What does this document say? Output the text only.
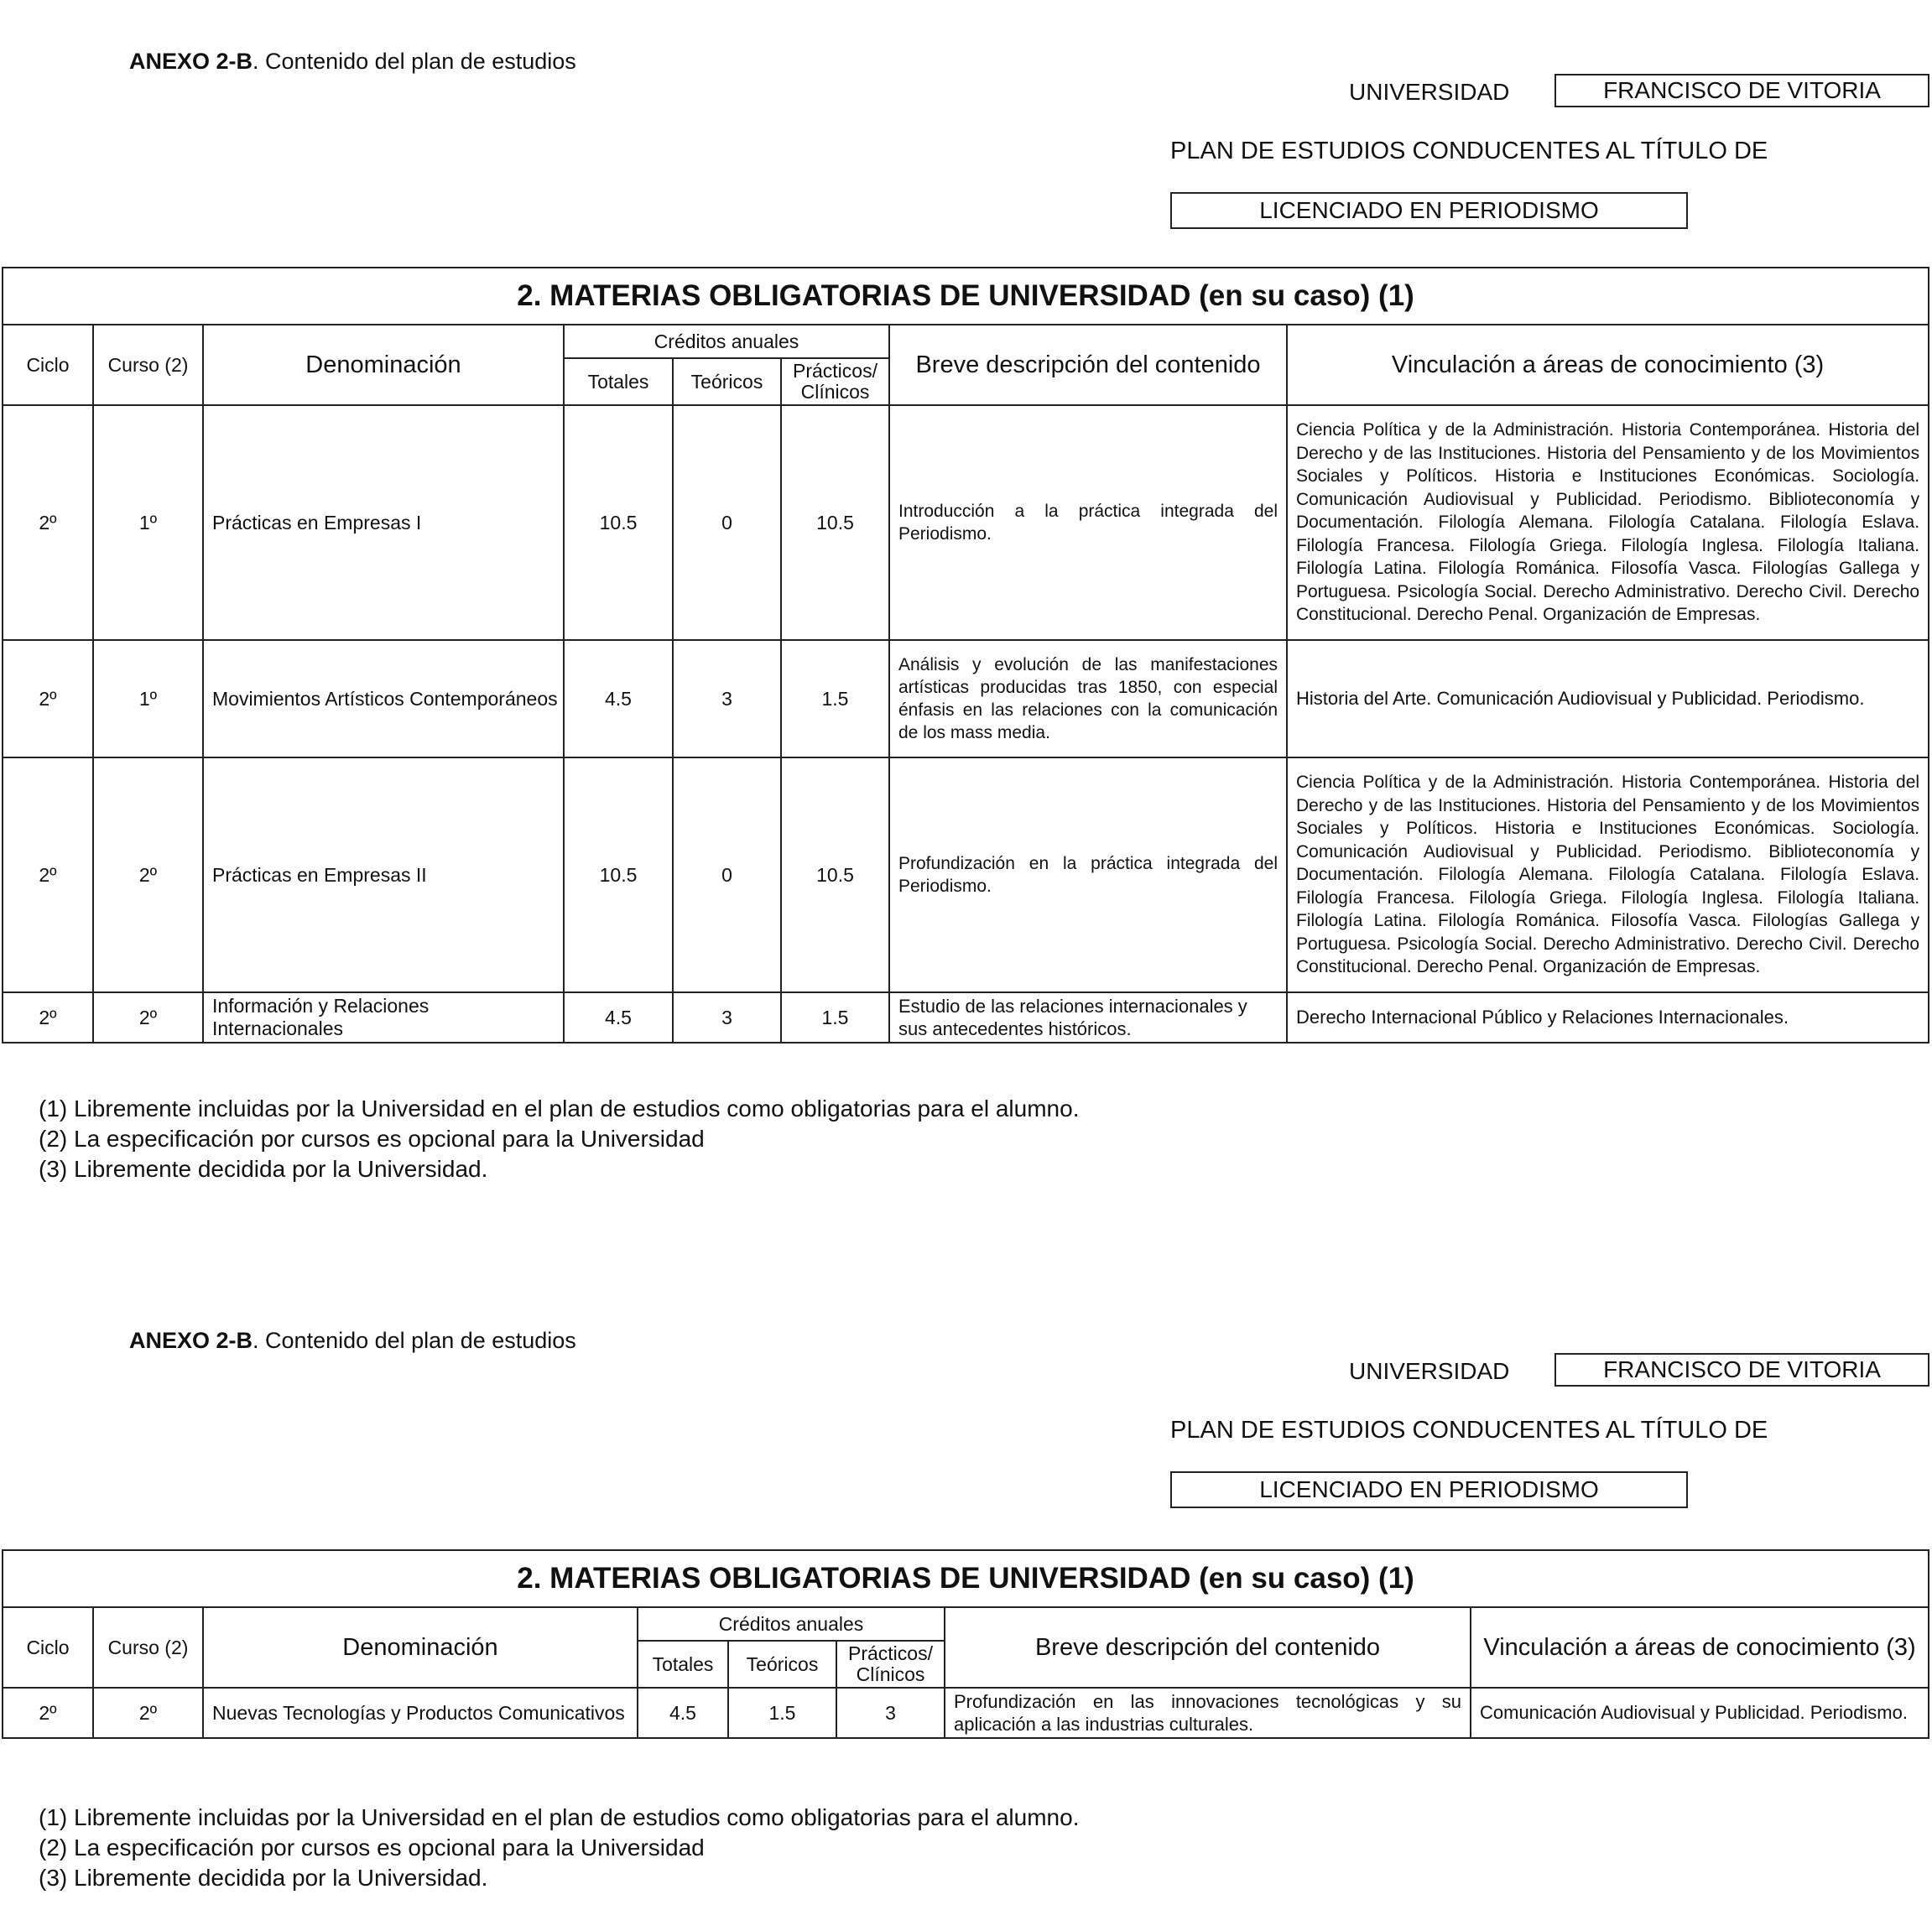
ANEXO 2-B. Contenido del plan de estudios
UNIVERSIDAD	FRANCISCO DE VITORIA
PLAN DE ESTUDIOS CONDUCENTES AL TÍTULO DE
LICENCIADO EN PERIODISMO
2. MATERIAS OBLIGATORIAS DE UNIVERSIDAD (en su caso) (1)							
Ciclo	Curso (2)	Denominación	Créditos anuales			Breve descripción del contenido	Vinculación a áreas de conocimiento (3)
			Totales	Teóricos	Prácticos/ Clínicos		
2º	1º	Prácticas en Empresas I	10.5	0	10.5	Introducción a la práctica integrada del Periodismo.	Ciencia Política y de la Administración. Historia Contemporánea. Historia del Derecho y de las Instituciones. Historia del Pensamiento y de los Movimientos Sociales y Políticos. Historia e Instituciones Económicas. Sociología. Comunicación Audiovisual y Publicidad. Periodismo. Biblioteconomía y Documentación. Filología Alemana. Filología Catalana. Filología Eslava. Filología Francesa. Filología Griega. Filología Inglesa. Filología Italiana. Filología Latina. Filología Románica. Filosofía Vasca. Filologías Gallega y Portuguesa. Psicología Social. Derecho Administrativo. Derecho Civil. Derecho Constitucional. Derecho Penal. Organización de Empresas.
2º	1º	Movimientos Artísticos Contemporáneos	4.5	3	1.5	Análisis y evolución de las manifestaciones artísticas producidas tras 1850, con especial énfasis en las relaciones con la comunicación de los mass media.	Historia del Arte. Comunicación Audiovisual y Publicidad. Periodismo.
2º	2º	Prácticas en Empresas II	10.5	0	10.5	Profundización en la práctica integrada del Periodismo.	Ciencia Política y de la Administración. Historia Contemporánea. Historia del Derecho y de las Instituciones. Historia del Pensamiento y de los Movimientos Sociales y Políticos. Historia e Instituciones Económicas. Sociología. Comunicación Audiovisual y Publicidad. Periodismo. Biblioteconomía y Documentación. Filología Alemana. Filología Catalana. Filología Eslava. Filología Francesa. Filología Griega. Filología Inglesa. Filología Italiana. Filología Latina. Filología Románica. Filosofía Vasca. Filologías Gallega y Portuguesa. Psicología Social. Derecho Administrativo. Derecho Civil. Derecho Constitucional. Derecho Penal. Organización de Empresas.
2º	2º	Información y Relaciones Internacionales	4.5	3	1.5	Estudio de las relaciones internacionales y sus antecedentes históricos.	Derecho Internacional Público y Relaciones Internacionales.
(1) Libremente incluidas por la Universidad en el plan de estudios como obligatorias para el alumno.
(2) La especificación por cursos es opcional para la Universidad
(3) Libremente decidida por la Universidad.
ANEXO 2-B. Contenido del plan de estudios
UNIVERSIDAD	FRANCISCO DE VITORIA
PLAN DE ESTUDIOS CONDUCENTES AL TÍTULO DE
LICENCIADO EN PERIODISMO
2. MATERIAS OBLIGATORIAS DE UNIVERSIDAD (en su caso) (1)							
Ciclo	Curso (2)	Denominación	Créditos anuales			Breve descripción del contenido	Vinculación a áreas de conocimiento (3)
			Totales	Teóricos	Prácticos/ Clínicos		
2º	2º	Nuevas Tecnologías y Productos Comunicativos	4.5	1.5	3	Profundización en las innovaciones tecnológicas y su aplicación a las industrias culturales.	Comunicación Audiovisual y Publicidad. Periodismo.
(1) Libremente incluidas por la Universidad en el plan de estudios como obligatorias para el alumno.
(2) La especificación por cursos es opcional para la Universidad
(3) Libremente decidida por la Universidad.
